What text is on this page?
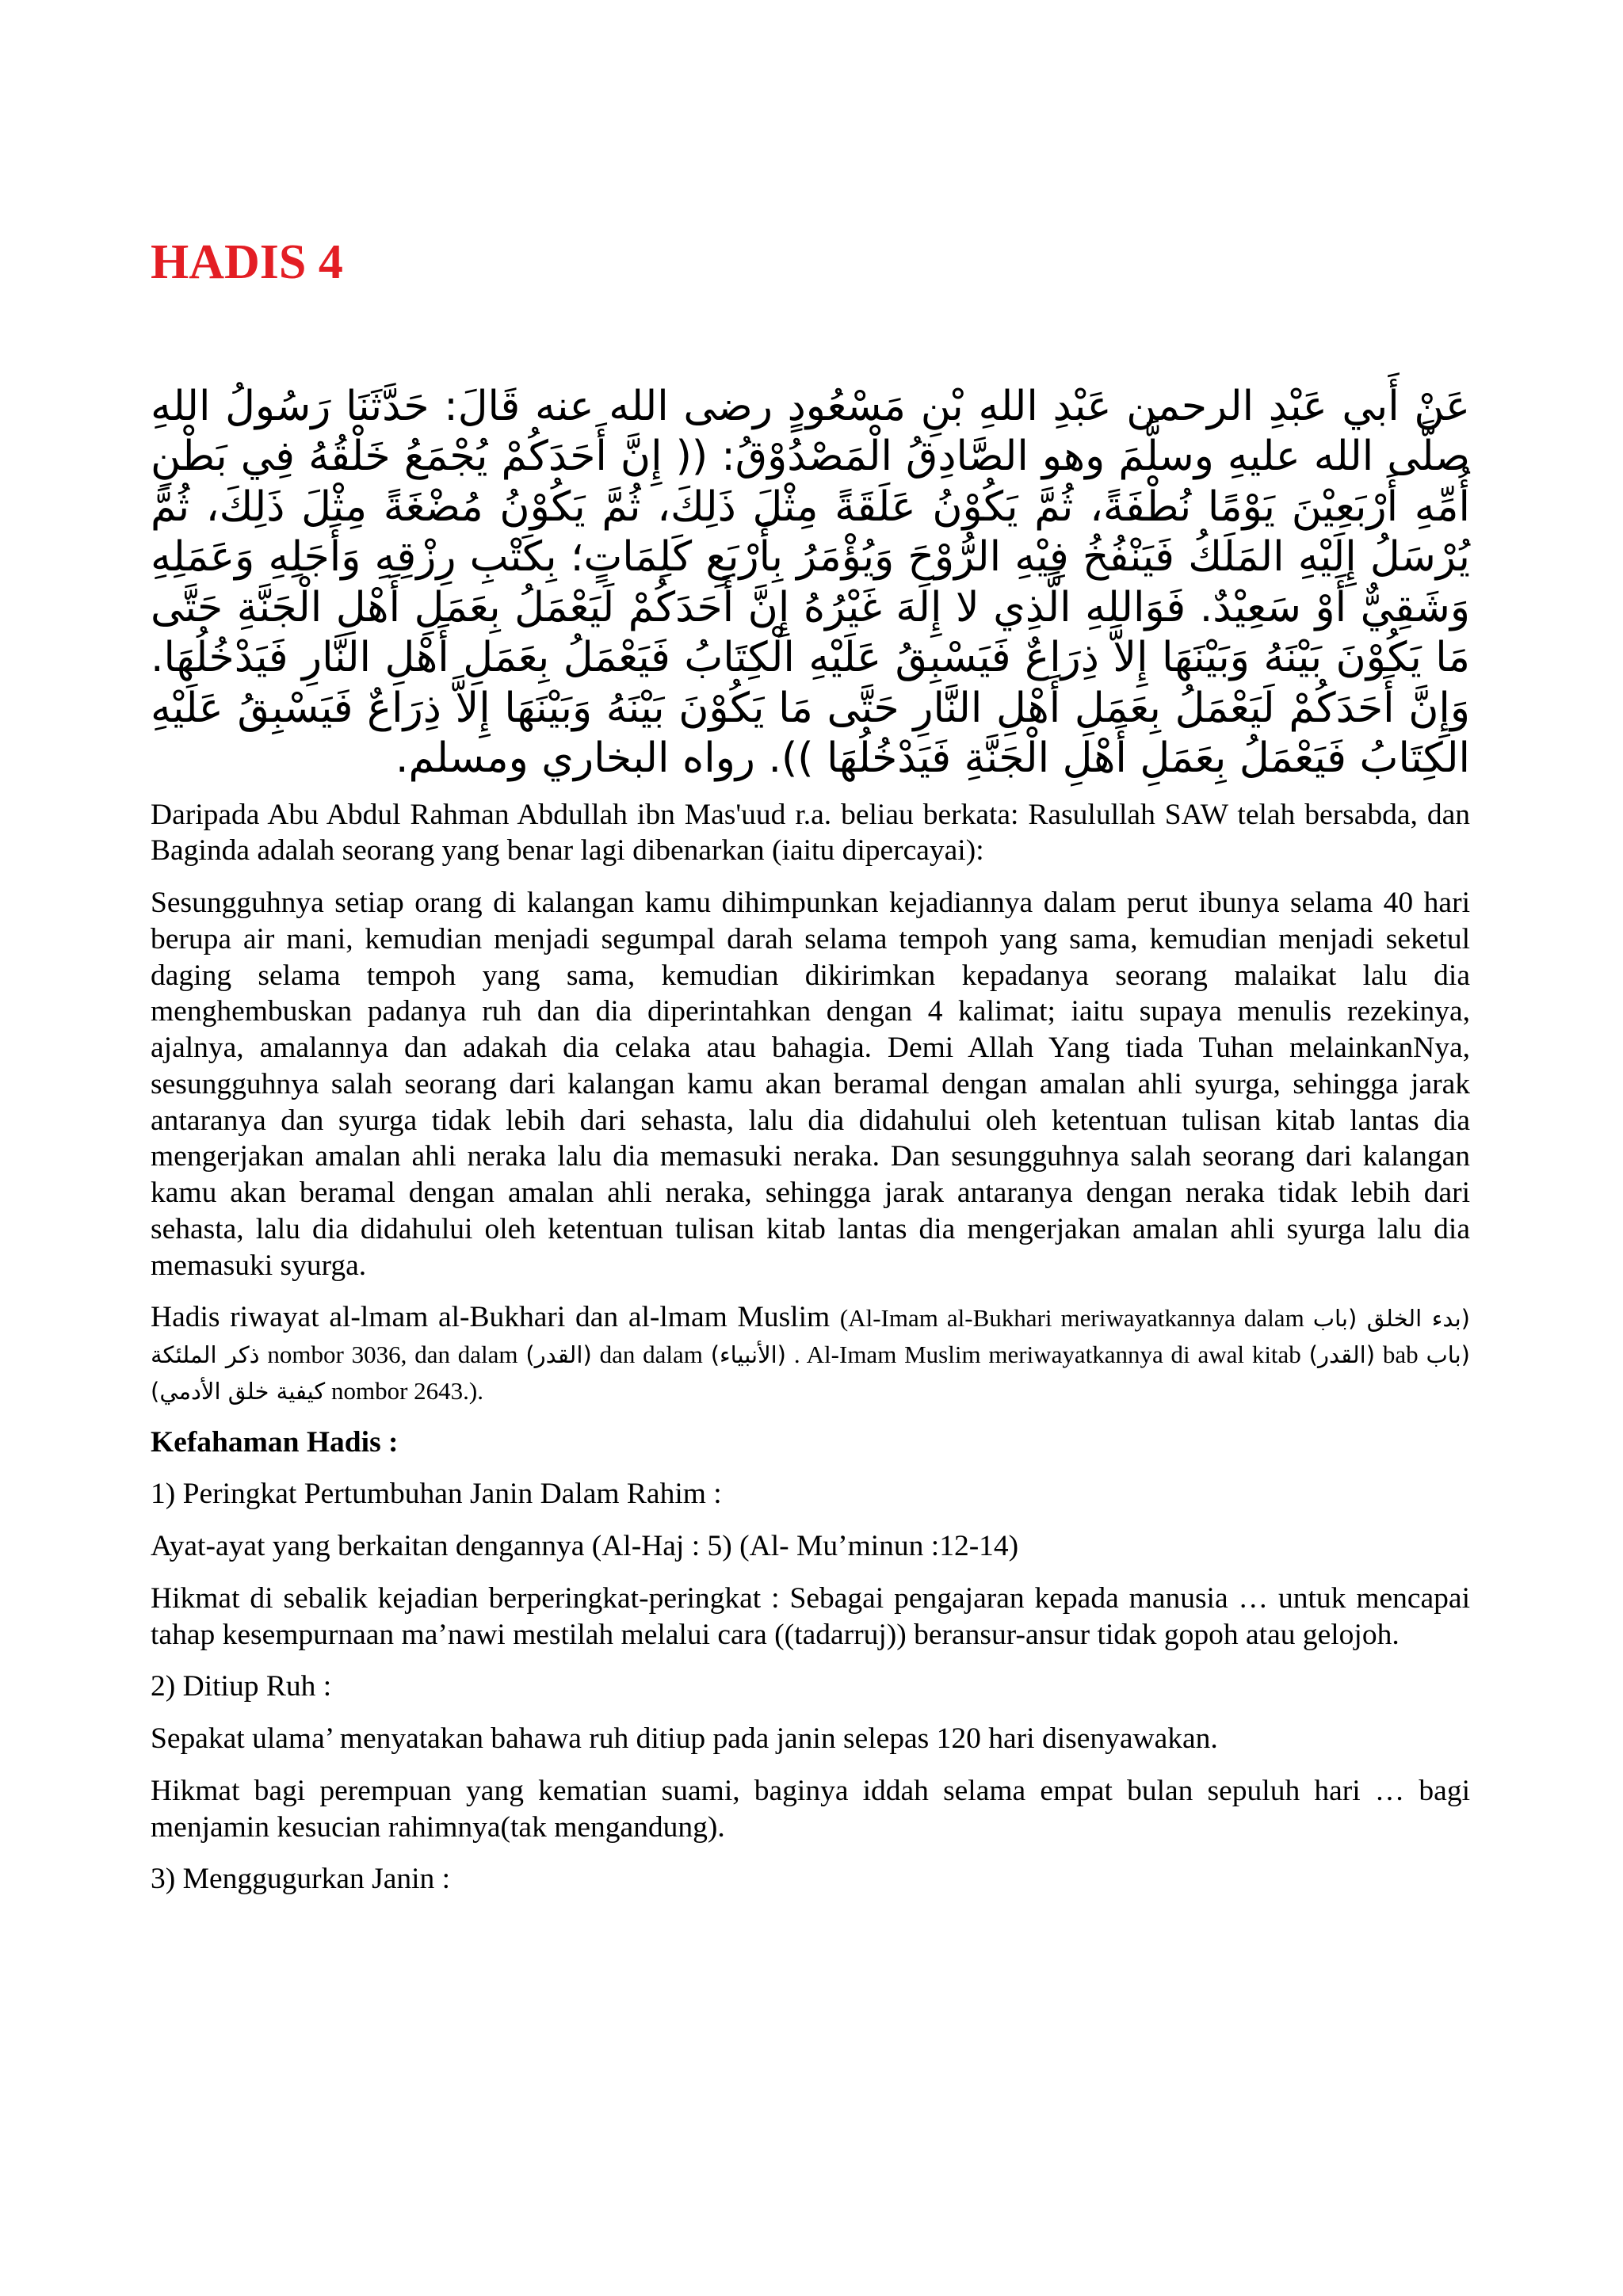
HADIS 4

عَنْ أَبي عَبْدِ الرحمن عَبْدِ اللهِ بْنِ مَسْعُودٍ رضى الله عنه قَالَ: حَدَّثَنَا رَسُولُ اللهِ صلَّى الله عليهِ وسلَّمَ وهو الصَّادِقُ الْمَصْدُوْقُ: (( إِنَّ أَحَدَكُمْ يُجْمَعُ خَلْقُهُ فِي بَطْنِ أُمِّهِ أَرْبَعِيْنَ يَوْمًا نُطْفَةً، ثُمَّ يَكُوْنُ عَلَقَةً مِثْلَ ذَلِكَ، ثُمَّ يَكُوْنُ مُضْغَةً مِثْلَ ذَلِكَ، ثُمَّ يُرْسَلُ إِلَيْهِ المَلَكُ فَيَنْفُخُ فِيْهِ الرُّوْحَ وَيُؤْمَرُ بِأَرْبَعِ كَلِمَاتٍ؛ بِكَتْبِ رِزْقِهِ وَأَجَلِهِ وَعَمَلِهِ وَشَقِيٌّ أَوْ سَعِيْدٌ. فَوَاللهِ الَّذِي لا إِلَهَ غَيْرُهُ إِنَّ أَحَدَكُمْ لَيَعْمَلُ بِعَمَلِ أَهْلِ الْجَنَّةِ حَتَّى مَا يَكُوْنَ بَيْنَهُ وَبَيْنَهَا إِلاَّ ذِرَاعٌ فَيَسْبِقُ عَلَيْهِ الْكِتَابُ فَيَعْمَلُ بِعَمَلِ أَهْلِ النَّارِ فَيَدْخُلُهَا. وَإِنَّ أَحَدَكُمْ لَيَعْمَلُ بِعَمَلِ أَهْلِ النَّارِ حَتَّى مَا يَكُوْنَ بَيْنَهُ وَبَيْنَهَا إِلاَّ ذِرَاعٌ فَيَسْبِقُ عَلَيْهِ الكِتَابُ فَيَعْمَلُ بِعَمَلِ أَهْلِ الْجَنَّةِ فَيَدْخُلُهَا )). رواه البخاري ومسلم.

Daripada Abu Abdul Rahman Abdullah ibn Mas'uud r.a. beliau berkata: Rasulullah SAW telah bersabda, dan Baginda adalah seorang yang benar lagi dibenarkan (iaitu dipercayai):

Sesungguhnya setiap orang di kalangan kamu dihimpunkan kejadiannya dalam perut ibunya selama 40 hari berupa air mani, kemudian menjadi segumpal darah selama tempoh yang sama, kemudian menjadi seketul daging selama tempoh yang sama, kemudian dikirimkan kepadanya seorang malaikat lalu dia menghembuskan padanya ruh dan dia diperintahkan dengan 4 kalimat; iaitu supaya menulis rezekinya, ajalnya, amalannya dan adakah dia celaka atau bahagia. Demi Allah Yang tiada Tuhan melainkanNya, sesungguhnya salah seorang dari kalangan kamu akan beramal dengan amalan ahli syurga, sehingga jarak antaranya dan syurga tidak lebih dari sehasta, lalu dia didahului oleh ketentuan tulisan kitab lantas dia mengerjakan amalan ahli neraka lalu dia memasuki neraka. Dan sesungguhnya salah seorang dari kalangan kamu akan beramal dengan amalan ahli neraka, sehingga jarak antaranya dengan neraka tidak lebih dari sehasta, lalu dia didahului oleh ketentuan tulisan kitab lantas dia mengerjakan amalan ahli syurga lalu dia memasuki syurga.

Hadis riwayat al-lmam al-Bukhari dan al-lmam Muslim (Al-Imam al-Bukhari meriwayatkannya dalam (بدء الخلق (باب ذكر الملئكة nombor 3036, dan dalam (القدر) dan dalam (الأنبياء) . Al-Imam Muslim meriwayatkannya di awal kitab (القدر) bab (باب كيفية خلق الأدمي) nombor 2643.).

Kefahaman Hadis :

1) Peringkat Pertumbuhan Janin Dalam Rahim :

Ayat-ayat yang berkaitan dengannya (Al-Haj : 5) (Al- Mu’minun :12-14)

Hikmat di sebalik kejadian berperingkat-peringkat : Sebagai pengajaran kepada manusia … untuk mencapai tahap kesempurnaan ma’nawi mestilah melalui cara ((tadarruj)) beransur-ansur tidak gopoh atau gelojoh.

2) Ditiup Ruh :

Sepakat ulama’ menyatakan bahawa ruh ditiup pada janin selepas 120 hari disenyawakan.

Hikmat bagi perempuan yang kematian suami, baginya iddah selama empat bulan sepuluh hari … bagi menjamin kesucian rahimnya(tak mengandung).

3) Menggugurkan Janin :
